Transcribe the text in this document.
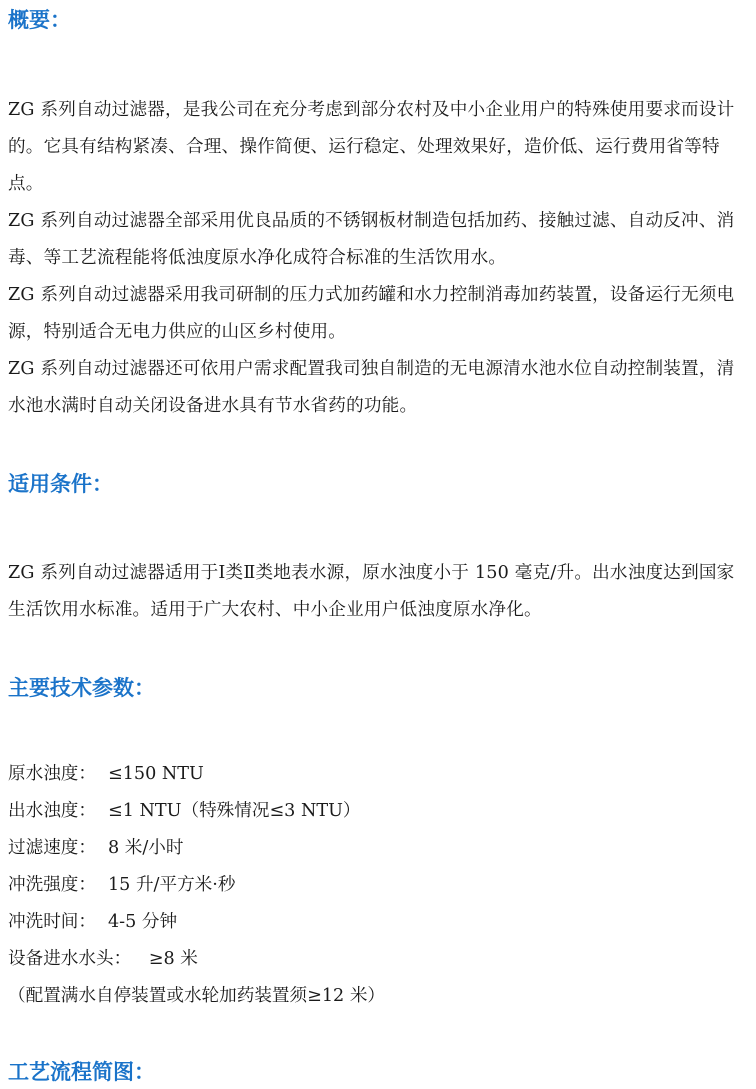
概要：

ZG 系列自动过滤器，是我公司在充分考虑到部分农村及中小企业用户的特殊使用要求而设计的。它具有结构紧凑、合理、操作简便、运行稳定、处理效果好，造价低、运行费用省等特点。

ZG 系列自动过滤器全部采用优良品质的不锈钢板材制造包括加药、接触过滤、自动反冲、消毒、等工艺流程能将低浊度原水净化成符合标准的生活饮用水。

ZG 系列自动过滤器采用我司研制的压力式加药罐和水力控制消毒加药装置，设备运行无须电源，特别适合无电力供应的山区乡村使用。

ZG 系列自动过滤器还可依用户需求配置我司独自制造的无电源清水池水位自动控制装置，清水池水满时自动关闭设备进水具有节水省药的功能。

适用条件：

ZG 系列自动过滤器适用于Ⅰ类Ⅱ类地表水源，原水浊度小于 150 毫克/升。出水浊度达到国家生活饮用水标准。适用于广大农村、中小企业用户低浊度原水净化。

主要技术参数：
原水浊度： ≤150 NTU
出水浊度： ≤1 NTU（特殊情况≤3 NTU）
过滤速度： 8 米/小时
冲洗强度： 15 升/平方米·秒
冲洗时间： 4-5 分钟
设备进水水头： ≥8 米
（配置满水自停装置或水轮加药装置须≥12 米）
工艺流程简图：
